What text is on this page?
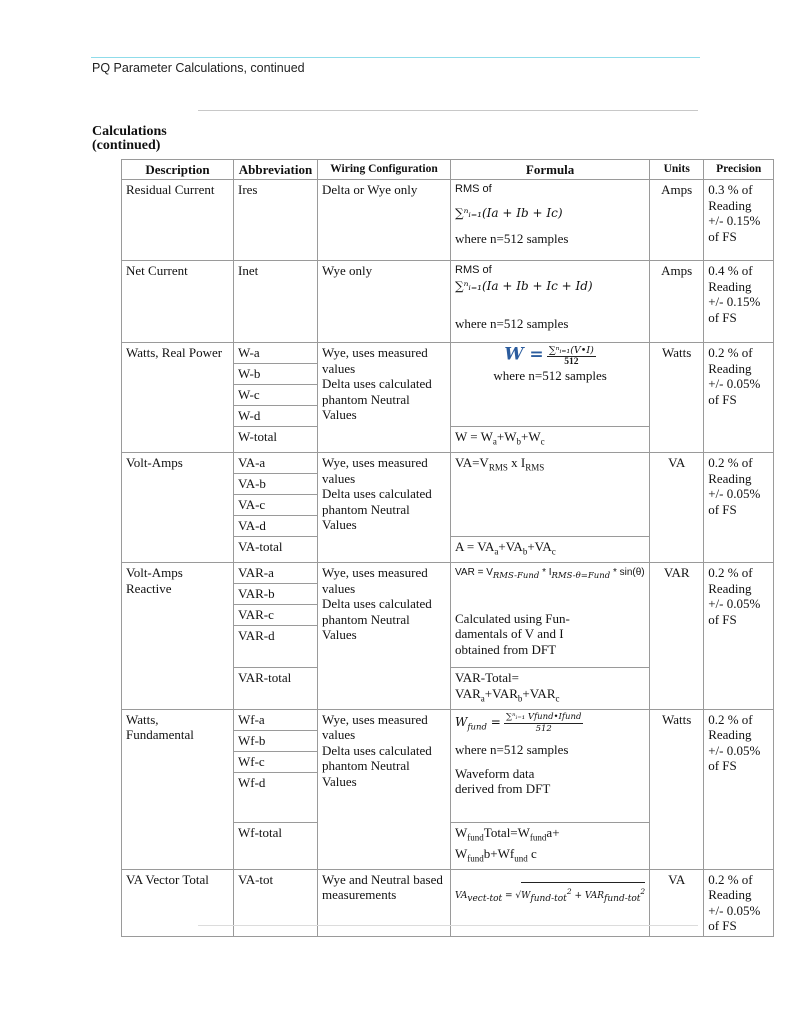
PQ Parameter Calculations, continued
Calculations
(continued)
Description	Abbreviation	Wiring Configuration	Formula	Units	Precision
Residual Current	Ires	Delta or Wye only	RMS of
∑ⁿᵢ₌₁(Ia + Ib + Ic)
where n=512 samples
	Amps	0.3 % of
Reading
+/- 0.15%
of FS

Net Current	Inet	Wye only	RMS of
∑ⁿᵢ₌₁(Ia + Ib + Ic + Id)
where n=512 samples
	Amps	0.4 % of
Reading
+/- 0.15%
of FS

Watts, Real Power	W-a	Wye, uses measured
values
Delta uses calculated
phantom Neutral
Values

$W = \frac{\text{∑ⁿᵢ₌₁(V•I)}}{512}$
where n=512 samples
	Watts	0.2 % of
Reading
+/- 0.05%
of FS

	W-b				
	W-c				
	W-d				
	W-total		$W = W_a+W_b+W_c$
Volt-Amps	VA-a	Wye, uses measured
values
Delta uses calculated
phantom Neutral
Values
	$VA=V_{RMS}$ x $I_{RMS}$	VA	0.2 % of
Reading
+/- 0.05%
of FS

	VA-b				
	VA-c				
	VA-d				
	VA-total		$A = VA_a+VA_b+VA_c$
Volt-Amps Reactive	VAR-a	Wye, uses measured
values
Delta uses calculated
phantom Neutral
Values

VAR = $V_{RMS-Fund} * I_{RMS-\theta=Fund} * \sin(\theta)$
Calculated using Fun-
damentals of V and I
obtained from DFT
	VAR	0.2 % of
Reading
+/- 0.05%
of FS

	VAR-b				
	VAR-c				
	VAR-d				
	VAR-total		VAR-Total=
$VAR_a+VAR_b+VAR_c$

Watts,
Fundamental
	Wf-a	Wye, uses measured
values
Delta uses calculated
phantom Neutral
Values

$W_{fund} = \frac{\text{∑ⁿᵢ₌₁ Vfund•Ifund}}{512}$
where n=512 samples
Waveform data
derived from DFT
	Watts	0.2 % of
Reading
+/- 0.05%
of FS

	Wf-b				
	Wf-c				
	Wf-d				
	Wf-total		$W_{fund}Total=W_{fund}a+$
$W_{fund}b+Wf_{und}$ c		
VA Vector Total	VA-tot	Wye and Neutral based
measurements	$VA_{vect-tot} = √W_{fund-tot}^2 + VAR_{fund-tot}^2$
	VA	0.2 % of
Reading
+/- 0.05%
of FS
